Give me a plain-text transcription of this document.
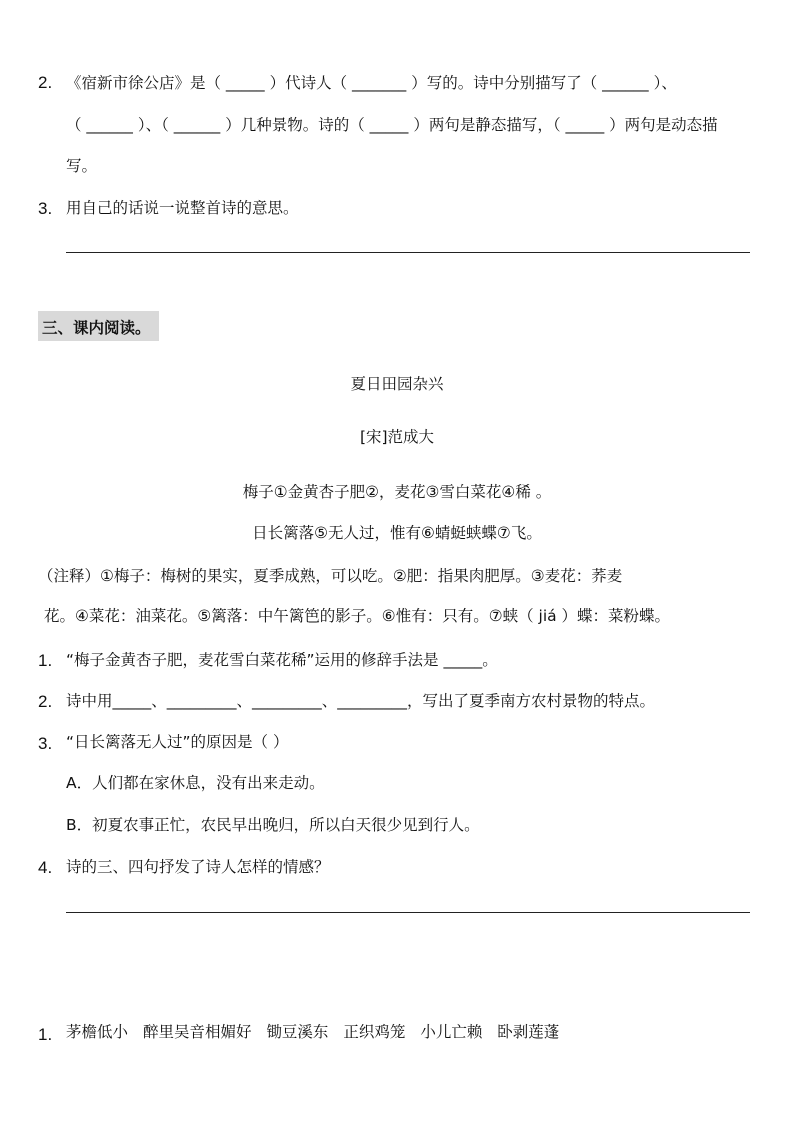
2. 《宿新市徐公店》是（ _____ ）代诗人（ _______ ）写的。诗中分别描写了（ ______ ）、
（ ______ ）、（ ______ ）几种景物。诗的（ _____ ）两句是静态描写，（ _____ ）两句是动态描
写。
3. 用自己的话说一说整首诗的意思。
三、课内阅读。
夏日田园杂兴
[宋]范成大
梅子①金黄杏子肥②，麦花③雪白菜花④稀 。
日长篱落⑤无人过，惟有⑥蜻蜓蛱蝶⑦飞。
（注释）①梅子：梅树的果实，夏季成熟，可以吃。②肥：指果肉肥厚。③麦花：荞麦
花。④菜花：油菜花。⑤篱落：中午篱笆的影子。⑥惟有：只有。⑦蛱（ jiá ）蝶：菜粉蝶。
1. “梅子金黄杏子肥，麦花雪白菜花稀”运用的修辞手法是 _____。
2. 诗中用_____、_________、_________、_________，写出了夏季南方农村景物的特点。
3. “日长篱落无人过”的原因是（ ）
A．人们都在家休息，没有出来走动。
B．初夏农事正忙，农民早出晚归，所以白天很少见到行人。
4. 诗的三、四句抒发了诗人怎样的情感？
1. 茅檐低小 醉里吴音相媚好 锄豆溪东 正织鸡笼 小儿亡赖 卧剥莲蓬
